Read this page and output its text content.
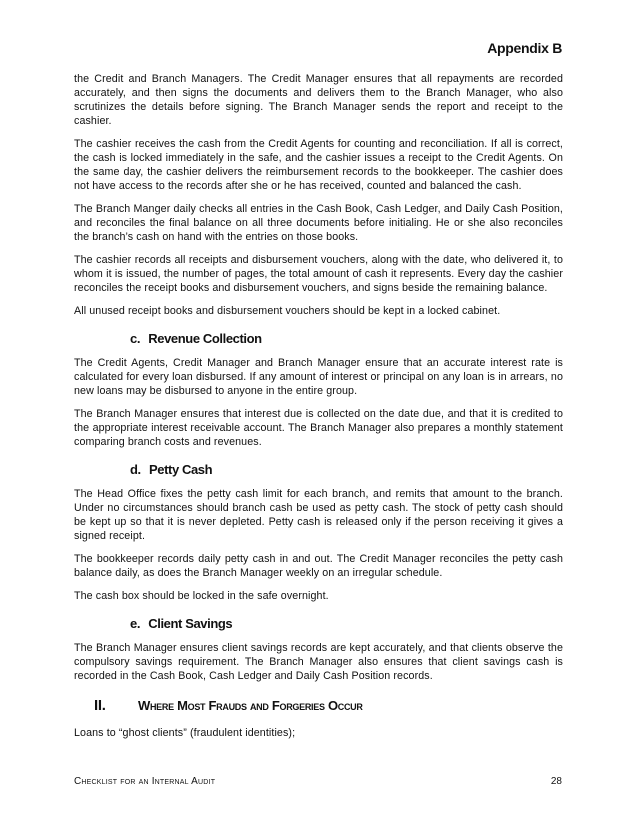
Appendix B

the Credit and Branch Managers. The Credit Manager ensures that all repayments are recorded accurately, and then signs the documents and delivers them to the Branch Manager, who also scrutinizes the details before signing. The Branch Manager sends the report and receipt to the cashier.

The cashier receives the cash from the Credit Agents for counting and reconciliation. If all is correct, the cash is locked immediately in the safe, and the cashier issues a receipt to the Credit Agents. On the same day, the cashier delivers the reimbursement records to the bookkeeper. The cashier does not have access to the records after she or he has received, counted and balanced the cash.

The Branch Manger daily checks all entries in the Cash Book, Cash Ledger, and Daily Cash Position, and reconciles the final balance on all three documents before initialing. He or she also reconciles the branch’s cash on hand with the entries on those books.

The cashier records all receipts and disbursement vouchers, along with the date, who delivered it, to whom it is issued, the number of pages, the total amount of cash it represents. Every day the cashier reconciles the receipt books and disbursement vouchers, and signs beside the remaining balance.

All unused receipt books and disbursement vouchers should be kept in a locked cabinet.

c. Revenue Collection

The Credit Agents, Credit Manager and Branch Manager ensure that an accurate interest rate is calculated for every loan disbursed. If any amount of interest or principal on any loan is in arrears, no new loans may be disbursed to anyone in the entire group.

The Branch Manager ensures that interest due is collected on the date due, and that it is credited to the appropriate interest receivable account. The Branch Manager also prepares a monthly statement comparing branch costs and revenues.

d. Petty Cash

The Head Office fixes the petty cash limit for each branch, and remits that amount to the branch. Under no circumstances should branch cash be used as petty cash. The stock of petty cash should be kept up so that it is never depleted. Petty cash is released only if the person receiving it gives a signed receipt.

The bookkeeper records daily petty cash in and out. The Credit Manager reconciles the petty cash balance daily, as does the Branch Manager weekly on an irregular schedule.

The cash box should be locked in the safe overnight.

e. Client Savings

The Branch Manager ensures client savings records are kept accurately, and that clients observe the compulsory savings requirement. The Branch Manager also ensures that client savings cash is recorded in the Cash Book, Cash Ledger and Daily Cash Position records.

II.	Where Most Frauds and Forgeries Occur

Loans to “ghost clients” (fraudulent identities);

Checklist for an Internal Audit	28
